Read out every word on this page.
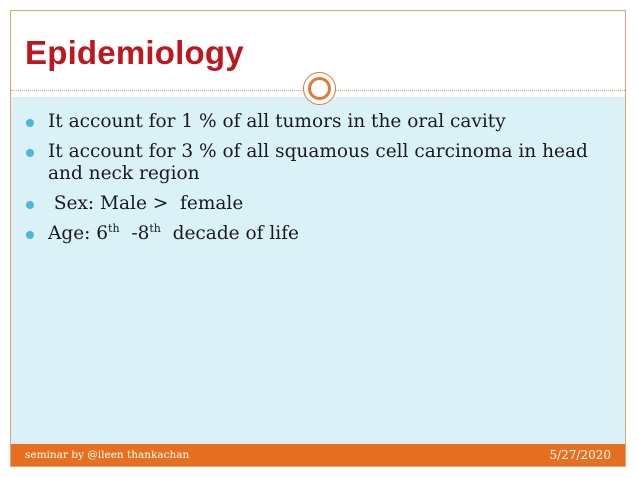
Epidemiology
It account for 1 % of all tumors in the oral cavity
It account for 3 % of all squamous cell carcinoma in head and neck region
Sex: Male >  female
Age: 6th  -8th  decade of life
seminar by @ileen thankachan	5/27/2020
